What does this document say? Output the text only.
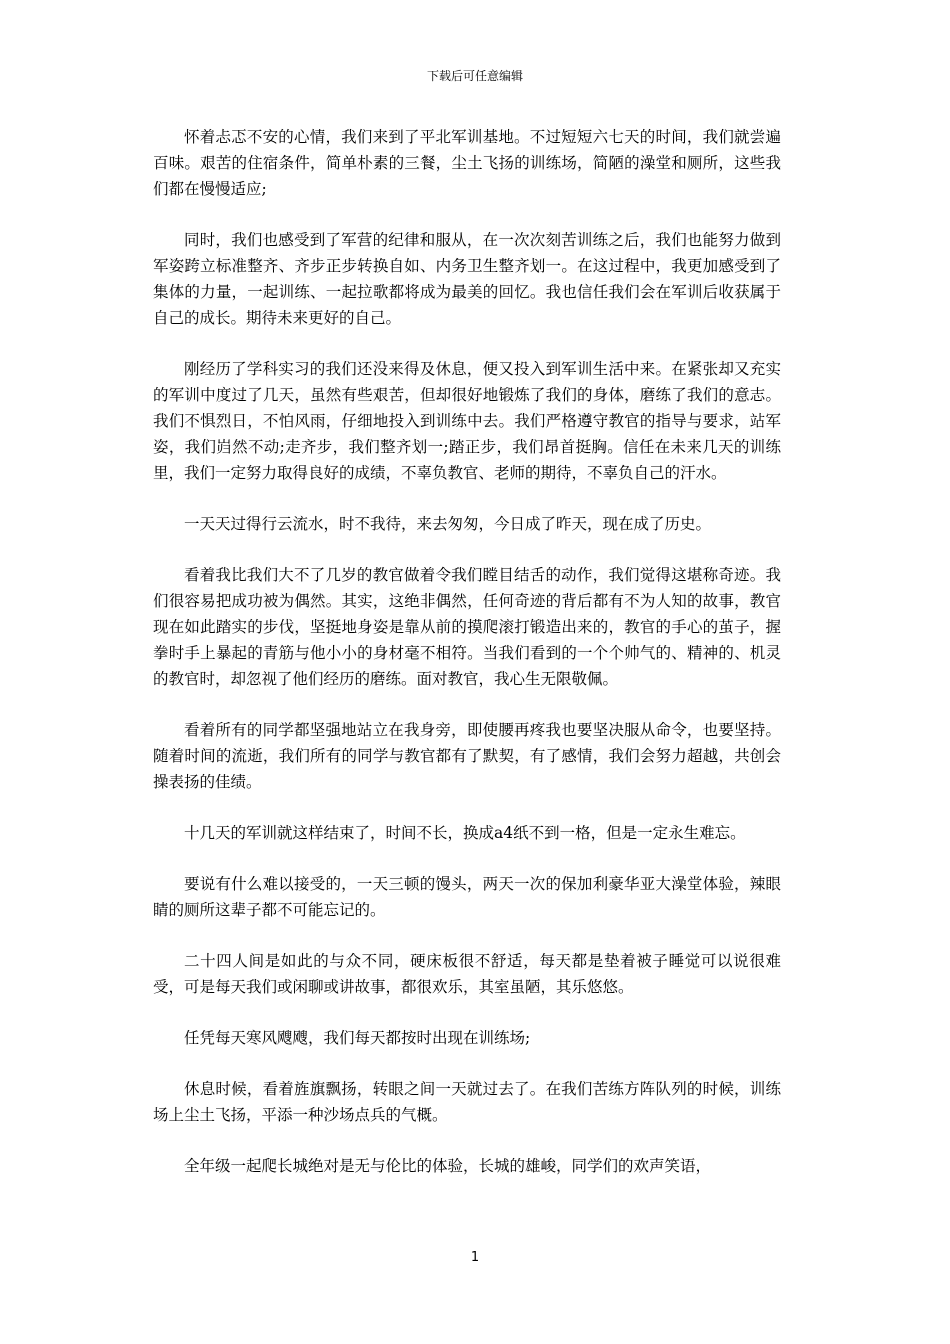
下载后可任意编辑

怀着忐忑不安的心情，我们来到了平北军训基地。不过短短六七天的时间，我们就尝遍百味。艰苦的住宿条件，简单朴素的三餐，尘土飞扬的训练场，简陋的澡堂和厕所，这些我们都在慢慢适应;

同时，我们也感受到了军营的纪律和服从，在一次次刻苦训练之后，我们也能努力做到军姿跨立标准整齐、齐步正步转换自如、内务卫生整齐划一。在这过程中，我更加感受到了集体的力量，一起训练、一起拉歌都将成为最美的回忆。我也信任我们会在军训后收获属于自己的成长。期待未来更好的自己。

刚经历了学科实习的我们还没来得及休息，便又投入到军训生活中来。在紧张却又充实的军训中度过了几天，虽然有些艰苦，但却很好地锻炼了我们的身体，磨练了我们的意志。我们不惧烈日，不怕风雨，仔细地投入到训练中去。我们严格遵守教官的指导与要求，站军姿，我们岿然不动;走齐步，我们整齐划一;踏正步，我们昂首挺胸。信任在未来几天的训练里，我们一定努力取得良好的成绩，不辜负教官、老师的期待，不辜负自己的汗水。

一天天过得行云流水，时不我待，来去匆匆，今日成了昨天，现在成了历史。

看着我比我们大不了几岁的教官做着令我们瞠目结舌的动作，我们觉得这堪称奇迹。我们很容易把成功被为偶然。其实，这绝非偶然，任何奇迹的背后都有不为人知的故事，教官现在如此踏实的步伐，坚挺地身姿是靠从前的摸爬滚打锻造出来的，教官的手心的茧子，握拳时手上暴起的青筋与他小小的身材毫不相符。当我们看到的一个个帅气的、精神的、机灵的教官时，却忽视了他们经历的磨练。面对教官，我心生无限敬佩。

看着所有的同学都坚强地站立在我身旁，即使腰再疼我也要坚决服从命令，也要坚持。随着时间的流逝，我们所有的同学与教官都有了默契，有了感情，我们会努力超越，共创会操表扬的佳绩。

十几天的军训就这样结束了，时间不长，换成a4纸不到一格，但是一定永生难忘。

要说有什么难以接受的，一天三顿的馒头，两天一次的保加利豪华亚大澡堂体验，辣眼睛的厕所这辈子都不可能忘记的。

二十四人间是如此的与众不同，硬床板很不舒适，每天都是垫着被子睡觉可以说很难受，可是每天我们或闲聊或讲故事，都很欢乐，其室虽陋，其乐悠悠。

任凭每天寒风飕飕，我们每天都按时出现在训练场;

休息时候，看着旌旗飘扬，转眼之间一天就过去了。在我们苦练方阵队列的时候，训练场上尘土飞扬，平添一种沙场点兵的气概。

全年级一起爬长城绝对是无与伦比的体验，长城的雄峻，同学们的欢声笑语，

1
